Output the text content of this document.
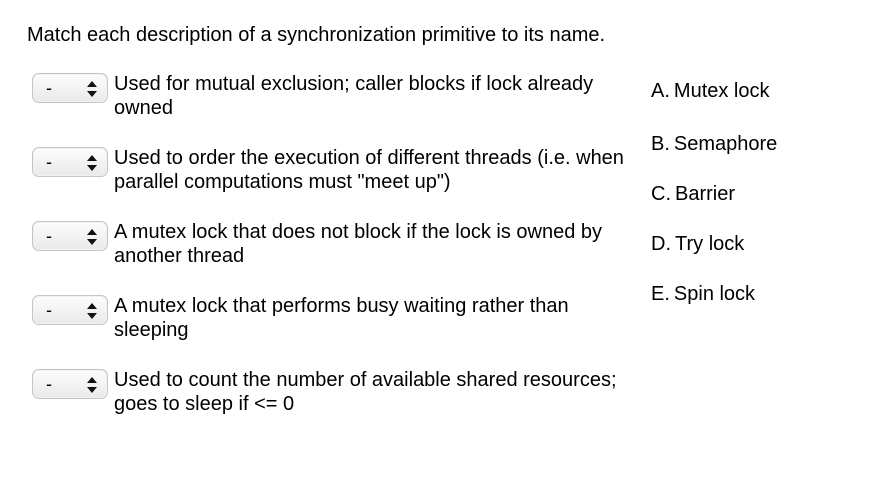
Match each description of a synchronization primitive to its name.
-	Used for mutual exclusion; caller blocks if lock already owned
-	Used to order the execution of different threads (i.e. when parallel computations must "meet up")
-	A mutex lock that does not block if the lock is owned by another thread
-	A mutex lock that performs busy waiting rather than sleeping
-	Used to count the number of available shared resources; goes to sleep if <= 0
A. Mutex lock
B. Semaphore
C. Barrier
D. Try lock
E. Spin lock
